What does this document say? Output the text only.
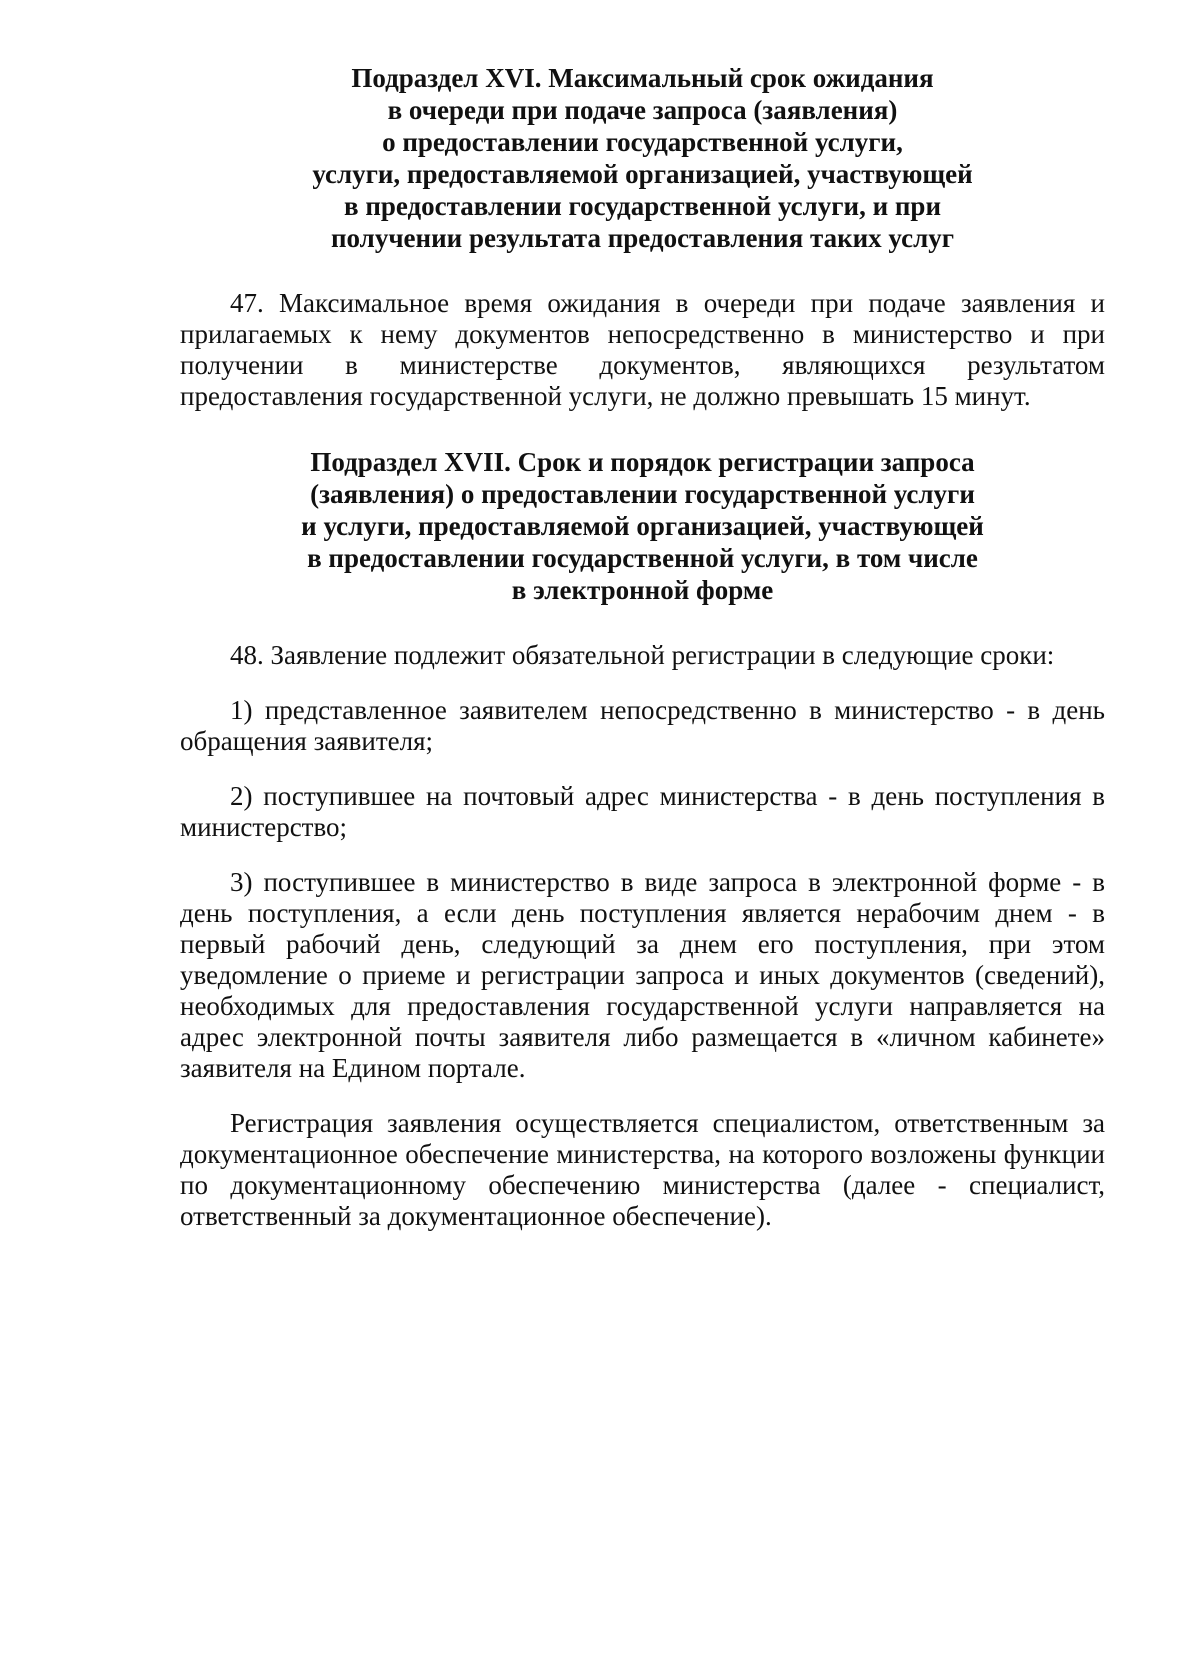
Подраздел XVI. Максимальный срок ожидания
в очереди при подаче запроса (заявления)
о предоставлении государственной услуги,
услуги, предоставляемой организацией, участвующей
в предоставлении государственной услуги, и при
получении результата предоставления таких услуг

47. Максимальное время ожидания в очереди при подаче заявления и прилагаемых к нему документов непосредственно в министерство и при получении в министерстве документов, являющихся результатом предоставления государственной услуги, не должно превышать 15 минут.

Подраздел XVII. Срок и порядок регистрации запроса
(заявления) о предоставлении государственной услуги
и услуги, предоставляемой организацией, участвующей
в предоставлении государственной услуги, в том числе
в электронной форме

48. Заявление подлежит обязательной регистрации в следующие сроки:

1) представленное заявителем непосредственно в министерство - в день обращения заявителя;

2) поступившее на почтовый адрес министерства - в день поступления в министерство;

3) поступившее в министерство в виде запроса в электронной форме - в день поступления, а если день поступления является нерабочим днем - в первый рабочий день, следующий за днем его поступления, при этом уведомление о приеме и регистрации запроса и иных документов (сведений), необходимых для предоставления государственной услуги направляется на адрес электронной почты заявителя либо размещается в «личном кабинете» заявителя на Едином портале.

Регистрация заявления осуществляется специалистом, ответственным за документационное обеспечение министерства, на которого возложены функции по документационному обеспечению министерства (далее - специалист, ответственный за документационное обеспечение).
